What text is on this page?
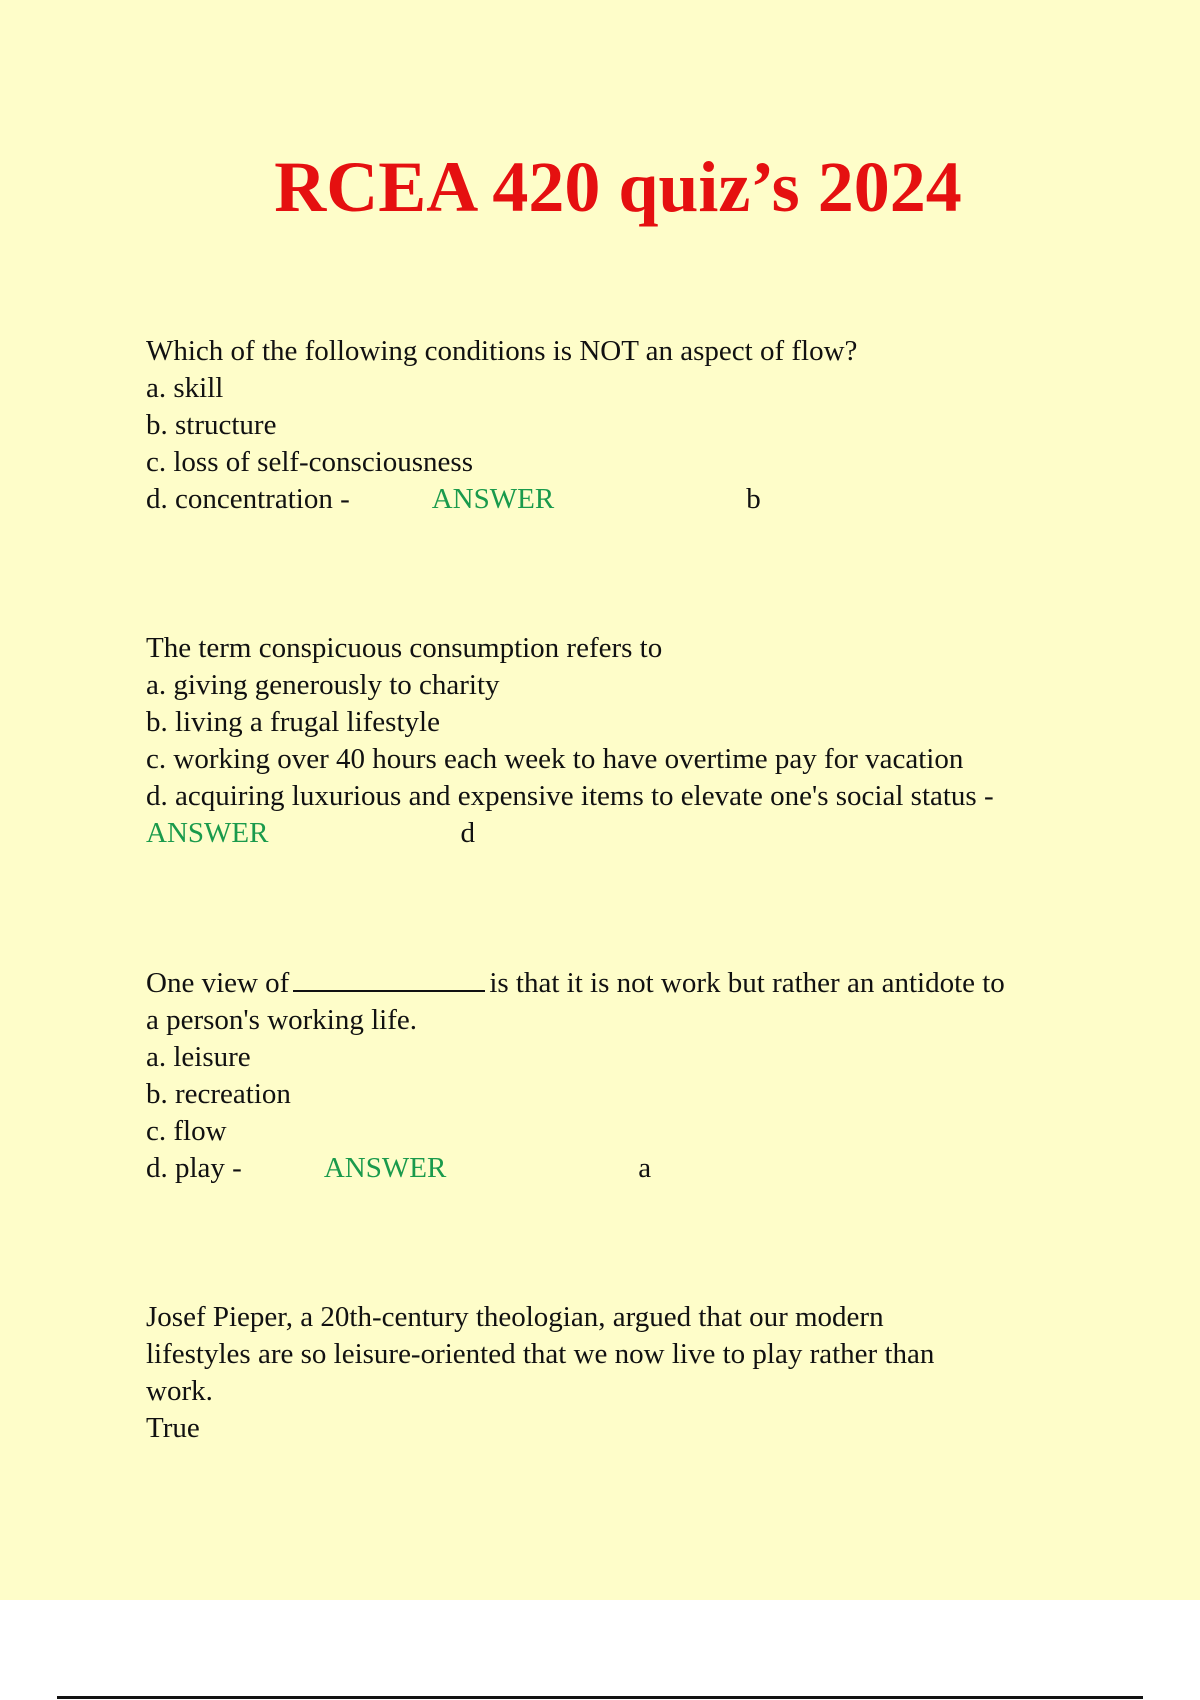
RCEA 420 quiz’s 2024
Which of the following conditions is NOT an aspect of flow?
a. skill
b. structure
c. loss of self-consciousness
d. concentration -	ANSWER	b
The term conspicuous consumption refers to
a. giving generously to charity
b. living a frugal lifestyle
c. working over 40 hours each week to have overtime pay for vacation
d. acquiring luxurious and expensive items to elevate one's social status -
ANSWER	d
One view of	is that it is not work but rather an antidote to
a person's working life.
a. leisure
b. recreation
c. flow
d. play -	ANSWER	a
Josef Pieper, a 20th-century theologian, argued that our modern
lifestyles are so leisure-oriented that we now live to play rather than
work.
True
